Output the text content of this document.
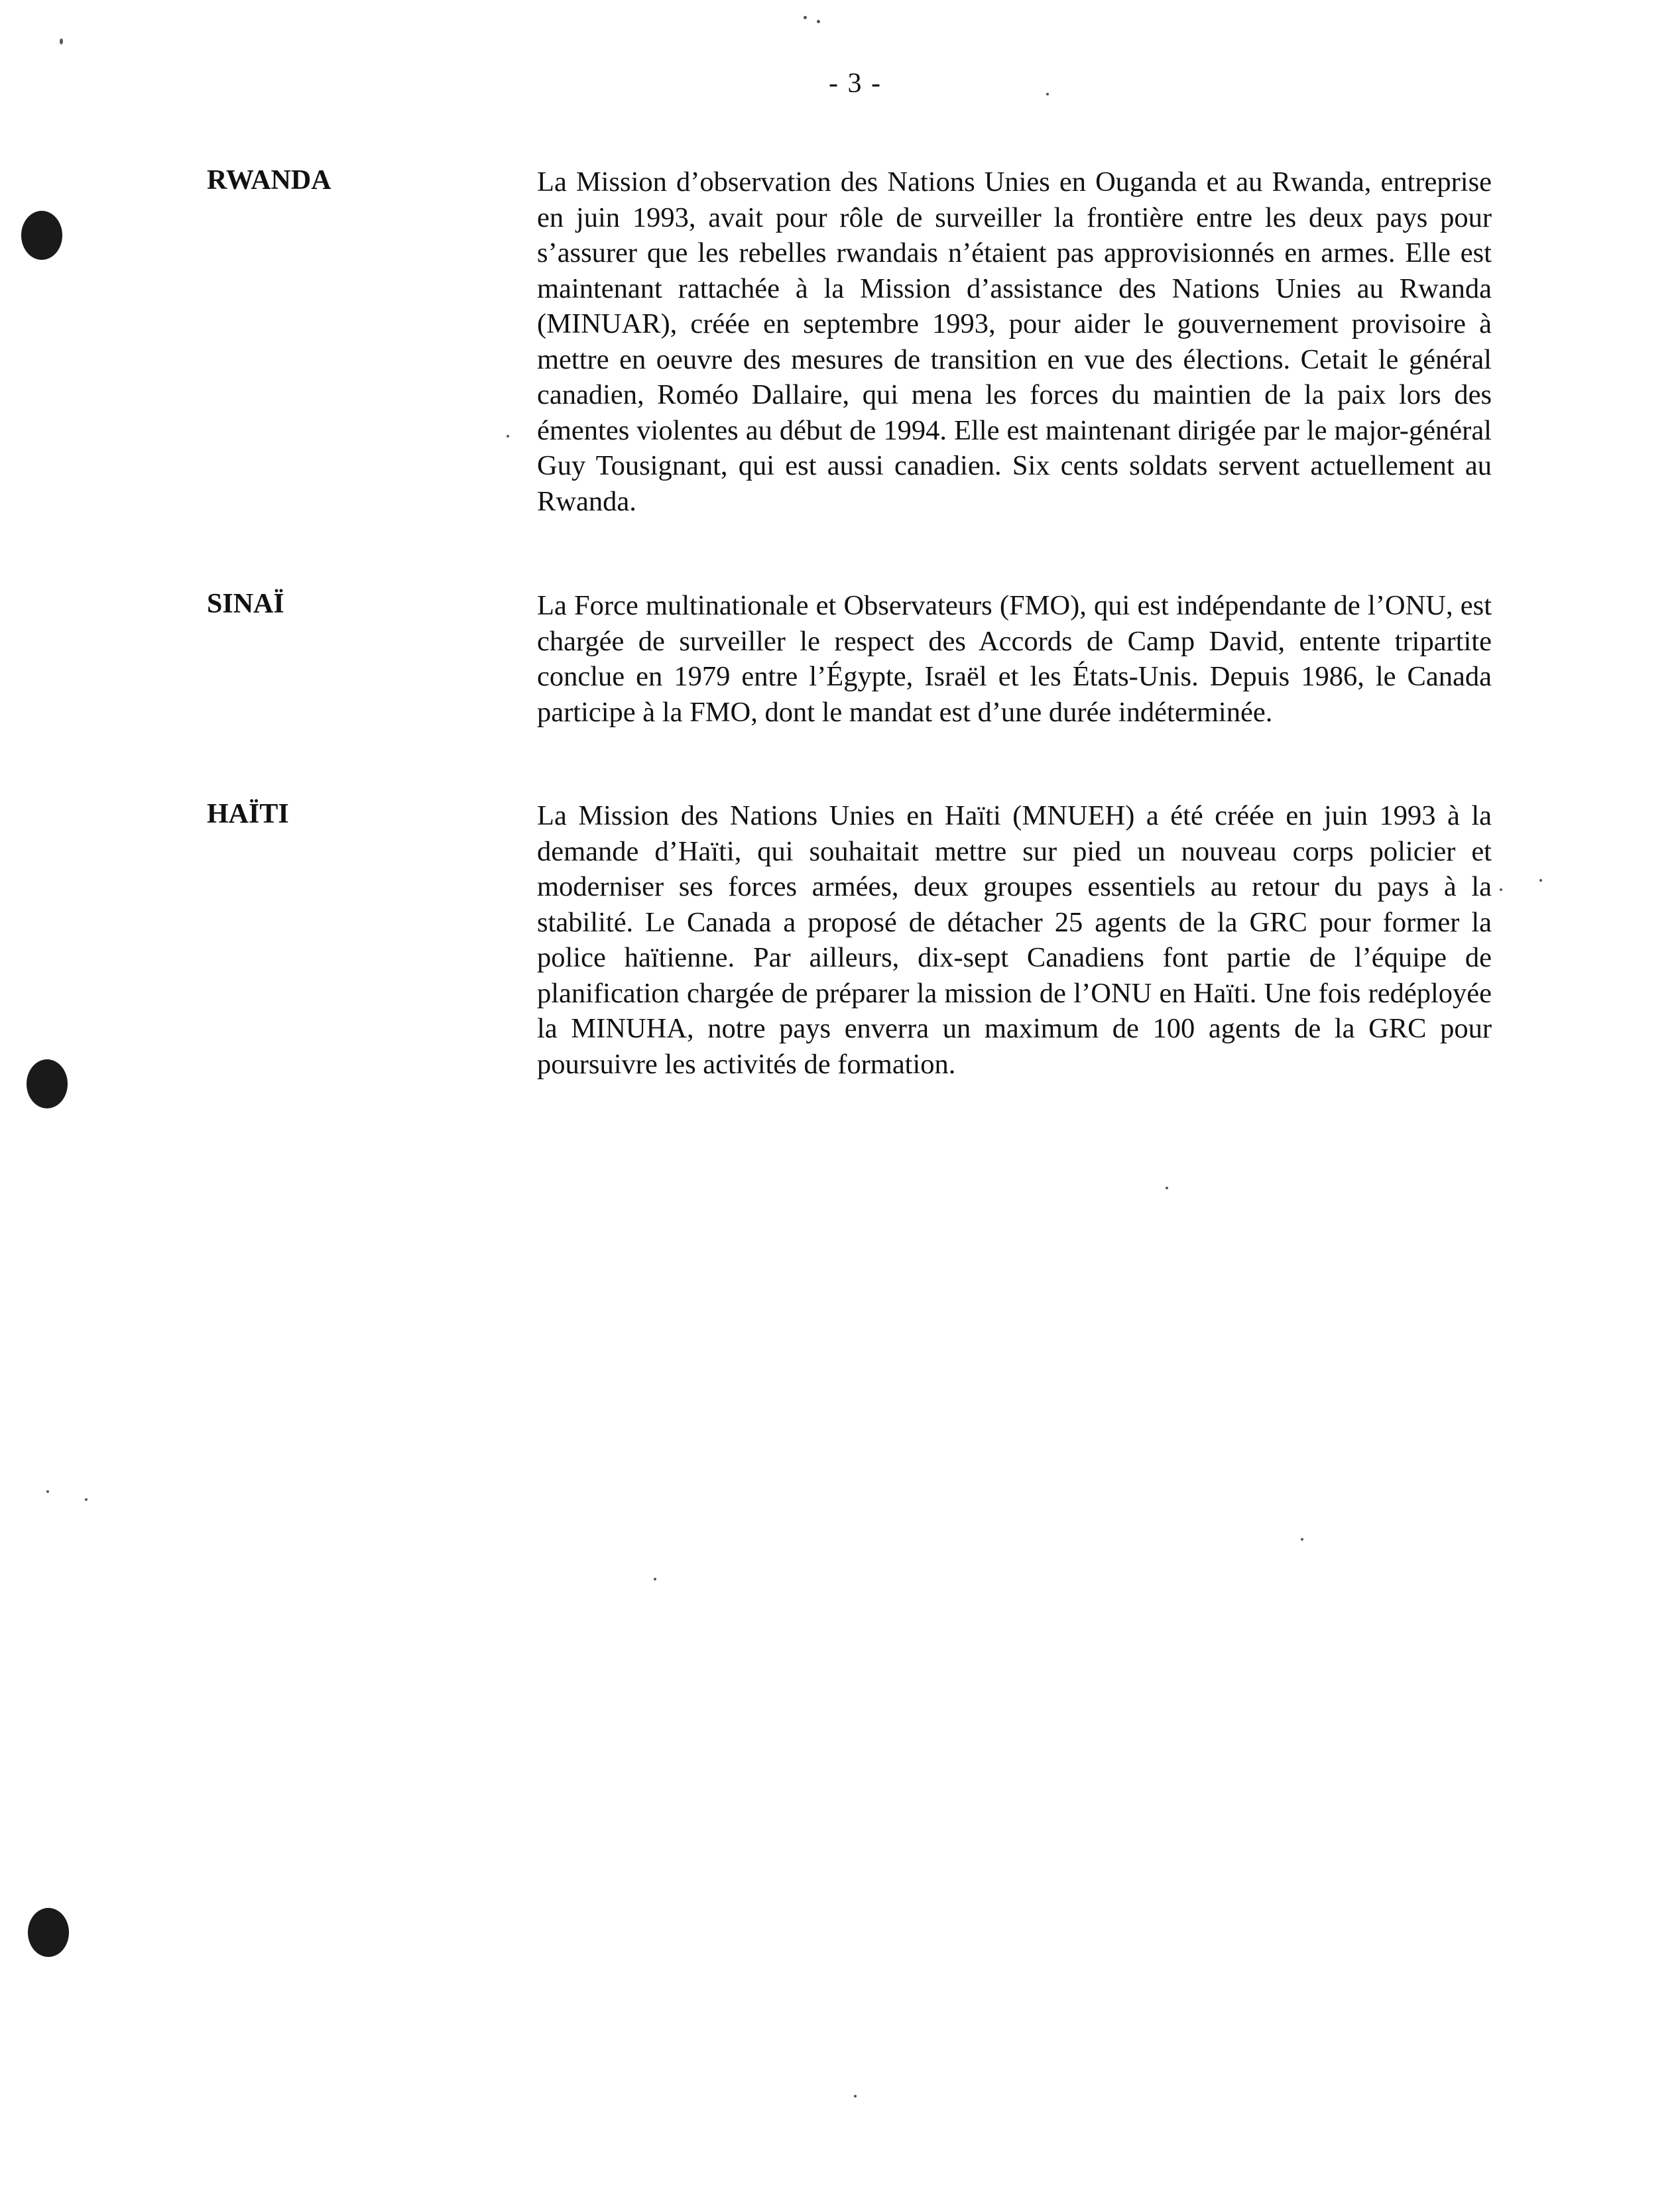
- 3 -
RWANDA	La Mission d’observation des Nations Unies en Ouganda et au Rwanda, entreprise en juin 1993, avait pour rôle de surveiller la frontière entre les deux pays pour s’assurer que les rebelles rwandais n’étaient pas approvisionnés en armes. Elle est maintenant rattachée à la Mission d’assistance des Nations Unies au Rwanda (MINUAR), créée en septembre 1993, pour aider le gouvernement provisoire à mettre en oeuvre des mesures de transition en vue des élections. Cetait le général canadien, Roméo Dallaire, qui mena les forces du maintien de la paix lors des émentes violentes au début de 1994. Elle est maintenant dirigée par le major-général Guy Tousignant, qui est aussi canadien. Six cents soldats servent actuellement au Rwanda.
SINAÏ	La Force multinationale et Observateurs (FMO), qui est indépendante de l’ONU, est chargée de surveiller le respect des Accords de Camp David, entente tripartite conclue en 1979 entre l’Égypte, Israël et les États-Unis. Depuis 1986, le Canada participe à la FMO, dont le mandat est d’une durée indéterminée.
HAÏTI	La Mission des Nations Unies en Haïti (MNUEH) a été créée en juin 1993 à la demande d’Haïti, qui souhaitait mettre sur pied un nouveau corps policier et moderniser ses forces armées, deux groupes essentiels au retour du pays à la stabilité. Le Canada a proposé de détacher 25 agents de la GRC pour former la police haïtienne. Par ailleurs, dix-sept Canadiens font partie de l’équipe de planification chargée de préparer la mission de l’ONU en Haïti. Une fois redéployée la MINUHA, notre pays enverra un maximum de 100 agents de la GRC pour poursuivre les activités de formation.
